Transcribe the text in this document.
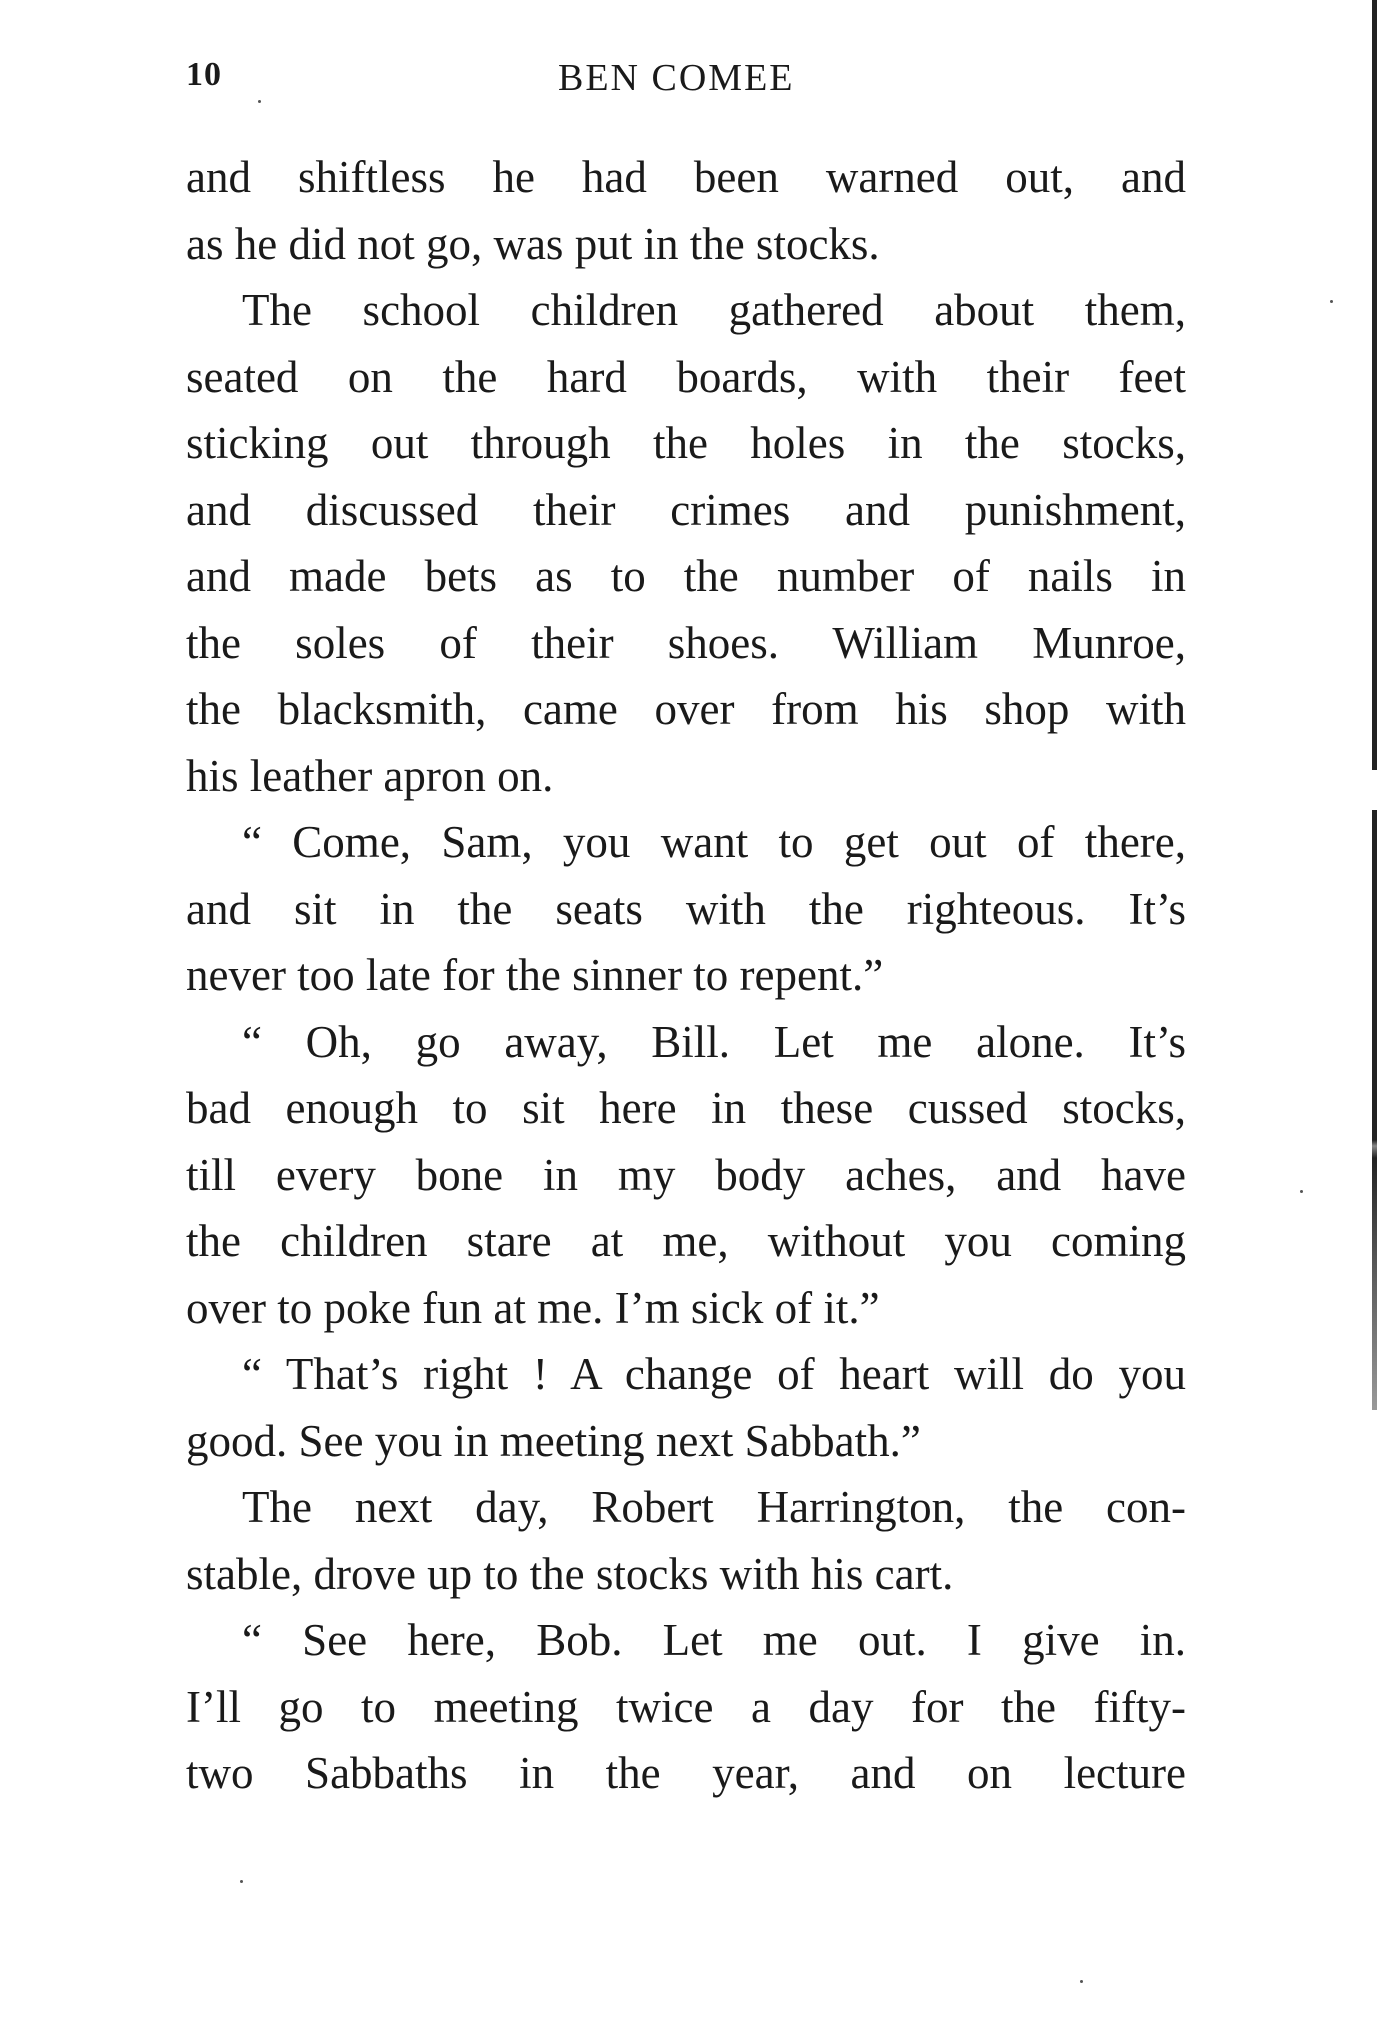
10	BEN COMEE
and shiftless he had been warned out, and
as he did not go, was put in the stocks.
The school children gathered about them,
seated on the hard boards, with their feet
sticking out through the holes in the stocks,
and discussed their crimes and punishment,
and made bets as to the number of nails in
the soles of their shoes. William Munroe,
the blacksmith, came over from his shop with
his leather apron on.
“ Come, Sam, you want to get out of there,
and sit in the seats with the righteous. It’s
never too late for the sinner to repent.”
“ Oh, go away, Bill. Let me alone. It’s
bad enough to sit here in these cussed stocks,
till every bone in my body aches, and have
the children stare at me, without you coming
over to poke fun at me. I’m sick of it.”
“ That’s right ! A change of heart will do you
good. See you in meeting next Sabbath.”
The next day, Robert Harrington, the con-
stable, drove up to the stocks with his cart.
“ See here, Bob. Let me out. I give in.
I’ll go to meeting twice a day for the fifty-
two Sabbaths in the year, and on lecture
